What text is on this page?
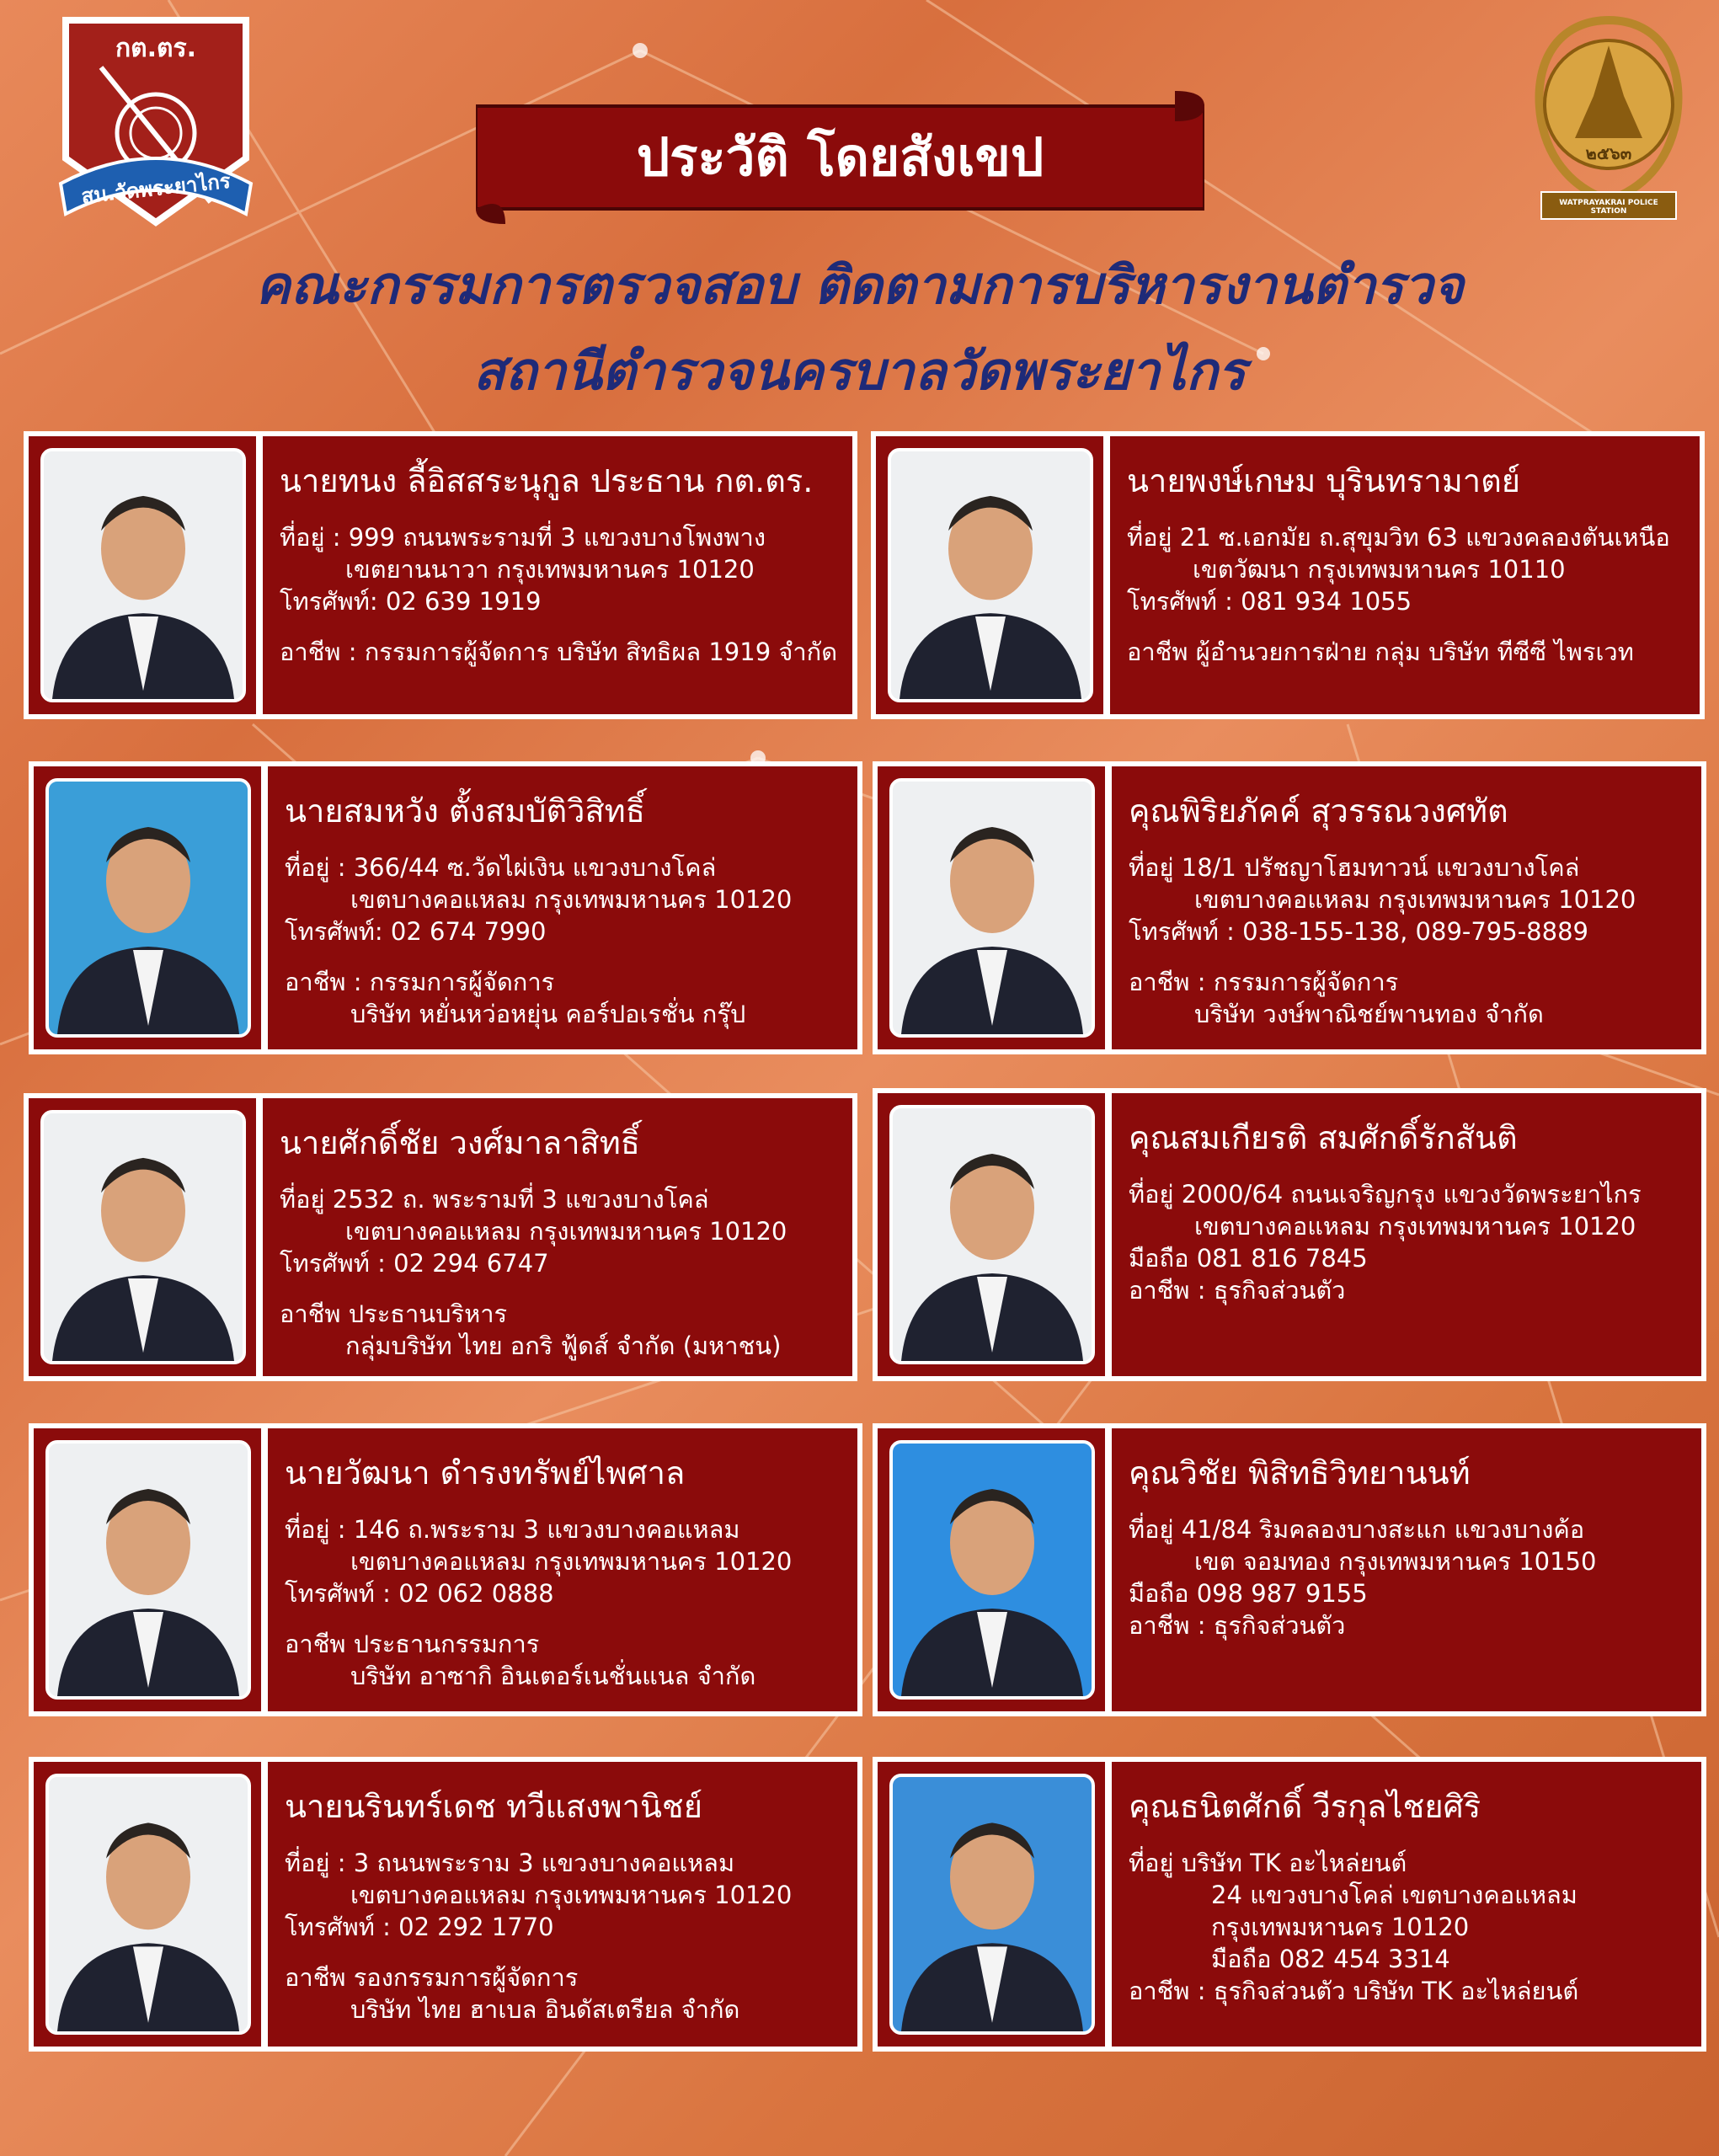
กต.ตร.
สน.วัดพระยาไกร
๒๕๖๓
WATPRAYAKRAI POLICE STATION
ประวัติ โดยสังเขป
คณะกรรมการตรวจสอบ ติดตามการบริหารงานตำรวจ
สถานีตำรวจนครบาลวัดพระยาไกร
นายทนง ลี้อิสสระนุกูล ประธาน กต.ตร.
ที่อยู่ : 999 ถนนพระรามที่ 3 แขวงบางโพงพาง
เขตยานนาวา กรุงเทพมหานคร 10120
โทรศัพท์: 02 639 1919
อาชีพ : กรรมการผู้จัดการ บริษัท สิทธิผล 1919 จำกัด
นายพงษ์เกษม บุรินทรามาตย์
ที่อยู่ 21 ซ.เอกมัย ถ.สุขุมวิท 63 แขวงคลองตันเหนือ
เขตวัฒนา กรุงเทพมหานคร 10110
โทรศัพท์ : 081 934 1055
อาชีพ ผู้อำนวยการฝ่าย กลุ่ม บริษัท ทีซีซี ไพรเวท
นายสมหวัง ตั้งสมบัติวิสิทธิ์
ที่อยู่ : 366/44 ซ.วัดไผ่เงิน แขวงบางโคล่
เขตบางคอแหลม กรุงเทพมหานคร 10120
โทรศัพท์: 02 674 7990
อาชีพ : กรรมการผู้จัดการ
บริษัท หยั่นหว่อหยุ่น คอร์ปอเรชั่น กรุ๊ป
คุณพิริยภัคค์ สุวรรณวงศทัต
ที่อยู่ 18/1 ปรัชญาโฮมทาวน์ แขวงบางโคล่
เขตบางคอแหลม กรุงเทพมหานคร 10120
โทรศัพท์ : 038-155-138, 089-795-8889
อาชีพ : กรรมการผู้จัดการ
บริษัท วงษ์พาณิชย์พานทอง จำกัด
นายศักดิ์ชัย วงศ์มาลาสิทธิ์
ที่อยู่ 2532 ถ. พระรามที่ 3 แขวงบางโคล่
เขตบางคอแหลม กรุงเทพมหานคร 10120
โทรศัพท์ : 02 294 6747
อาชีพ ประธานบริหาร
กลุ่มบริษัท ไทย อกริ ฟู้ดส์ จำกัด (มหาชน)
คุณสมเกียรติ สมศักดิ์รักสันติ
ที่อยู่ 2000/64 ถนนเจริญกรุง แขวงวัดพระยาไกร
เขตบางคอแหลม กรุงเทพมหานคร 10120
มือถือ 081 816 7845
อาชีพ : ธุรกิจส่วนตัว
นายวัฒนา ดำรงทรัพย์ไพศาล
ที่อยู่ : 146 ถ.พระราม 3 แขวงบางคอแหลม
เขตบางคอแหลม กรุงเทพมหานคร 10120
โทรศัพท์ : 02 062 0888
อาชีพ ประธานกรรมการ
บริษัท อาซากิ อินเตอร์เนชั่นแนล จำกัด
คุณวิชัย พิสิทธิวิทยานนท์
ที่อยู่ 41/84 ริมคลองบางสะแก แขวงบางค้อ
เขต จอมทอง กรุงเทพมหานคร 10150
มือถือ 098 987 9155
อาชีพ : ธุรกิจส่วนตัว
นายนรินทร์เดช ทวีแสงพานิชย์
ที่อยู่ : 3 ถนนพระราม 3 แขวงบางคอแหลม
เขตบางคอแหลม กรุงเทพมหานคร 10120
โทรศัพท์ : 02 292 1770
อาชีพ รองกรรมการผู้จัดการ
บริษัท ไทย ฮาเบล อินดัสเตรียล จำกัด
คุณธนิตศักดิ์ วีรกุลไชยศิริ
ที่อยู่ บริษัท TK อะไหล่ยนต์
24 แขวงบางโคล่ เขตบางคอแหลม
กรุงเทพมหานคร 10120
มือถือ 082 454 3314
อาชีพ : ธุรกิจส่วนตัว บริษัท TK อะไหล่ยนต์
